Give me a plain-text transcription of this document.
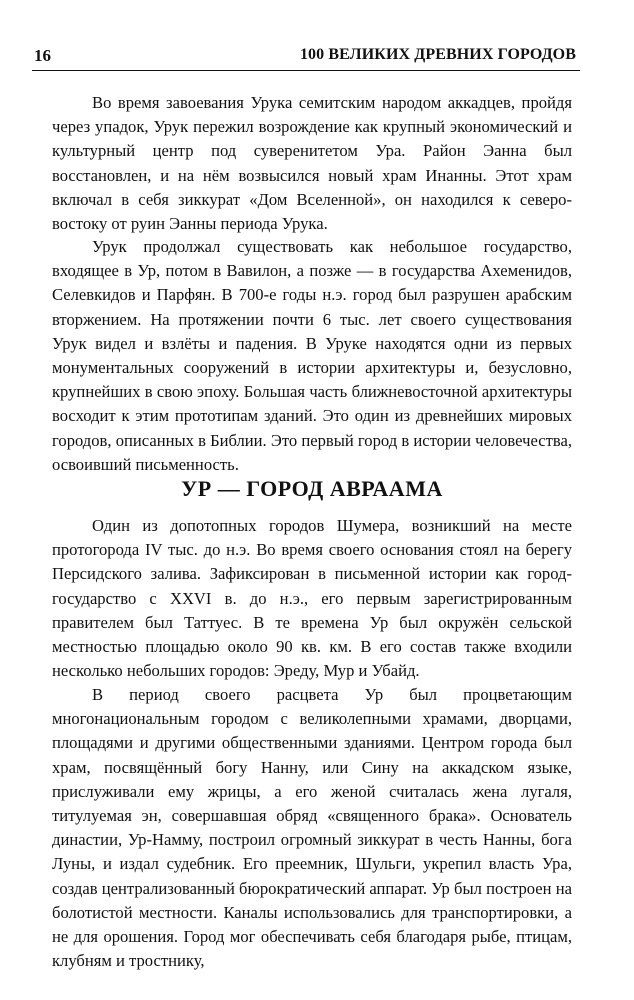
16	100 ВЕЛИКИХ ДРЕВНИХ ГОРОДОВ

Во время завоевания Урука семитским народом аккадцев, пройдя через упадок, Урук пережил возрождение как крупный экономический и культурный центр под суверенитетом Ура. Район Эанна был восстановлен, и на нём возвысился новый храм Инанны. Этот храм включал в себя зиккурат «Дом Вселенной», он находился к северо-востоку от руин Эанны периода Урука.

Урук продолжал существовать как небольшое государство, входящее в Ур, потом в Вавилон, а позже — в государства Ахеменидов, Селевкидов и Парфян. В 700-е годы н.э. город был разрушен арабским вторжением. На протяжении почти 6 тыс. лет своего существования Урук видел и взлёты и падения. В Уруке находятся одни из первых монументальных сооружений в истории архитектуры и, безусловно, крупнейших в свою эпоху. Большая часть ближневосточной архитектуры восходит к этим прототипам зданий. Это один из древнейших мировых городов, описанных в Библии. Это первый город в истории человечества, освоивший письменность.

УР — ГОРОД АВРААМА

Один из допотопных городов Шумера, возникший на месте протогорода IV тыс. до н.э. Во время своего основания стоял на берегу Персидского залива. Зафиксирован в письменной истории как город-государство с XXVI в. до н.э., его первым зарегистрированным правителем был Таттуес. В те времена Ур был окружён сельской местностью площадью около 90 кв. км. В его состав также входили несколько небольших городов: Эреду, Мур и Убайд.

В период своего расцвета Ур был процветающим многонациональным городом с великолепными храмами, дворцами, площадями и другими общественными зданиями. Центром города был храм, посвящённый богу Нанну, или Сину на аккадском языке, прислуживали ему жрицы, а его женой считалась жена лугаля, титулуемая эн, совершавшая обряд «священного брака». Основатель династии, Ур-Намму, построил огромный зиккурат в честь Нанны, бога Луны, и издал судебник. Его преемник, Шульги, укрепил власть Ура, создав централизованный бюрократический аппарат. Ур был построен на болотистой местности. Каналы использовались для транспортировки, а не для орошения. Город мог обеспечивать себя благодаря рыбе, птицам, клубням и тростнику,
